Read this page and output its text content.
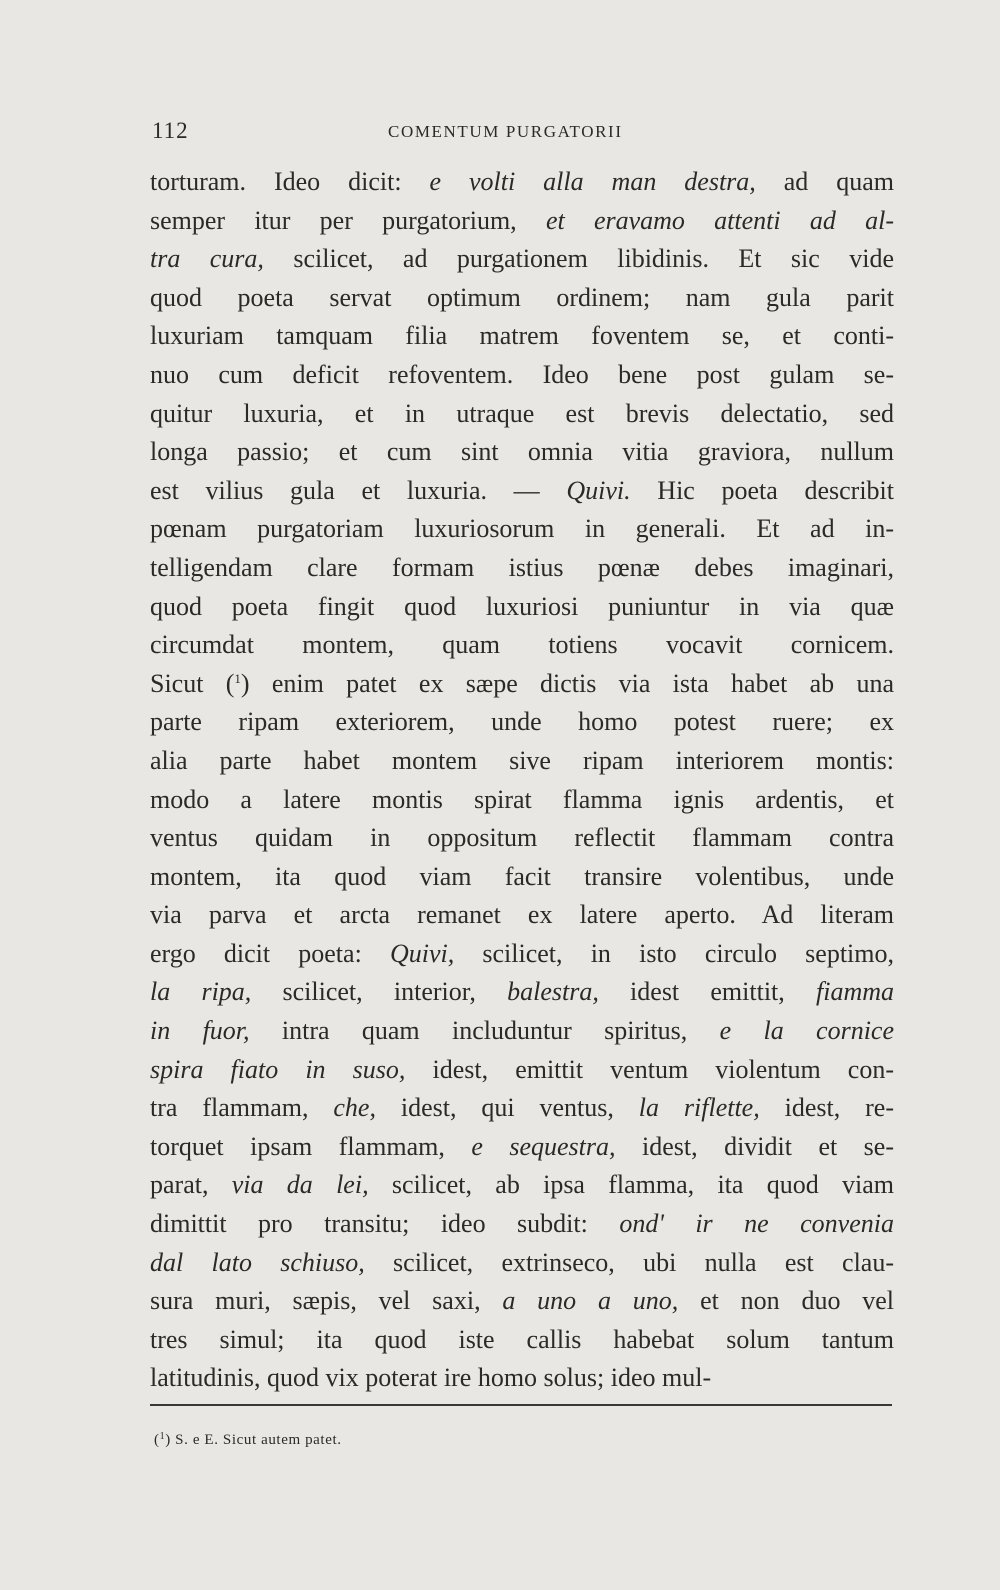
112	COMENTUM PURGATORII
torturam. Ideo dicit: e volti alla man destra, ad quam
semper itur per purgatorium, et eravamo attenti ad al-
tra cura, scilicet, ad purgationem libidinis. Et sic vide
quod poeta servat optimum ordinem; nam gula parit
luxuriam tamquam filia matrem foventem se, et conti-
nuo cum deficit refoventem. Ideo bene post gulam se-
quitur luxuria, et in utraque est brevis delectatio, sed
longa passio; et cum sint omnia vitia graviora, nullum
est vilius gula et luxuria. — Quivi. Hic poeta describit
pœnam purgatoriam luxuriosorum in generali. Et ad in-
telligendam clare formam istius pœnæ debes imaginari,
quod poeta fingit quod luxuriosi puniuntur in via quæ
circumdat montem, quam totiens vocavit cornicem.
Sicut ($^1$) enim patet ex sæpe dictis via ista habet ab una
parte ripam exteriorem, unde homo potest ruere; ex
alia parte habet montem sive ripam interiorem montis:
modo a latere montis spirat flamma ignis ardentis, et
ventus quidam in oppositum reflectit flammam contra
montem, ita quod viam facit transire volentibus, unde
via parva et arcta remanet ex latere aperto. Ad literam
ergo dicit poeta: Quivi, scilicet, in isto circulo septimo,
la ripa, scilicet, interior, balestra, idest emittit, fiamma
in fuor, intra quam includuntur spiritus, e la cornice
spira fiato in suso, idest, emittit ventum violentum con-
tra flammam, che, idest, qui ventus, la riflette, idest, re-
torquet ipsam flammam, e sequestra, idest, dividit et se-
parat, via da lei, scilicet, ab ipsa flamma, ita quod viam
dimittit pro transitu; ideo subdit: ond' ir ne convenia
dal lato schiuso, scilicet, extrinseco, ubi nulla est clau-
sura muri, sæpis, vel saxi, a uno a uno, et non duo vel
tres simul; ita quod iste callis habebat solum tantum
latitudinis, quod vix poterat ire homo solus; ideo mul-
($^1$) S. e E. Sicut autem patet.
